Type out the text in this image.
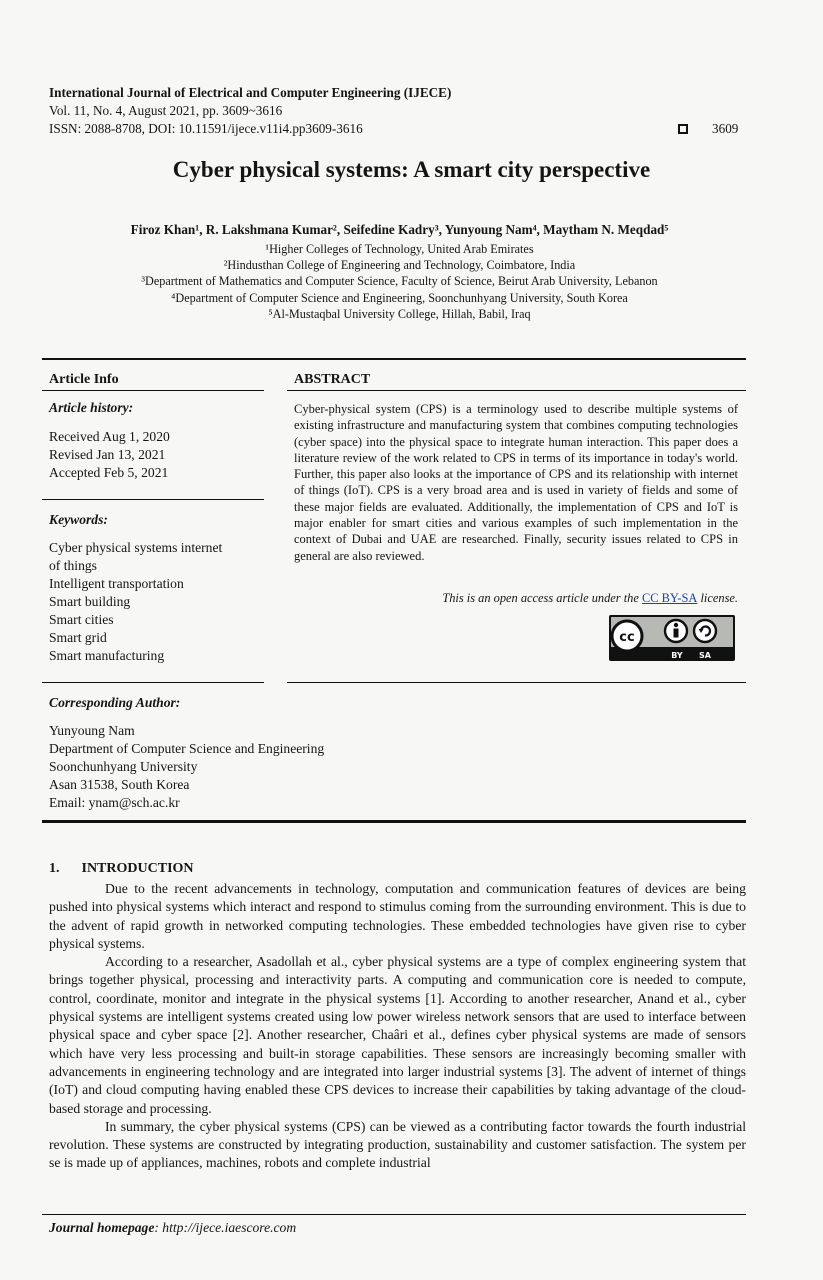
International Journal of Electrical and Computer Engineering (IJECE)
Vol. 11, No. 4, August 2021, pp. 3609~3616
ISSN: 2088-8708, DOI: 10.11591/ijece.v11i4.pp3609-3616	3609
Cyber physical systems: A smart city perspective
Firoz Khan¹, R. Lakshmana Kumar², Seifedine Kadry³, Yunyoung Nam⁴, Maytham N. Meqdad⁵
¹Higher Colleges of Technology, United Arab Emirates
²Hindusthan College of Engineering and Technology, Coimbatore, India
³Department of Mathematics and Computer Science, Faculty of Science, Beirut Arab University, Lebanon
⁴Department of Computer Science and Engineering, Soonchunhyang University, South Korea
⁵Al-Mustaqbal University College, Hillah, Babil, Iraq
Article Info
Article history:
Received Aug 1, 2020
Revised Jan 13, 2021
Accepted Feb 5, 2021
Keywords:
Cyber physical systems internet
of things
Intelligent transportation
Smart building
Smart cities
Smart grid
Smart manufacturing
ABSTRACT
Cyber-physical system (CPS) is a terminology used to describe multiple systems of existing infrastructure and manufacturing system that combines computing technologies (cyber space) into the physical space to integrate human interaction. This paper does a literature review of the work related to CPS in terms of its importance in today's world. Further, this paper also looks at the importance of CPS and its relationship with internet of things (IoT). CPS is a very broad area and is used in variety of fields and some of these major fields are evaluated. Additionally, the implementation of CPS and IoT is major enabler for smart cities and various examples of such implementation in the context of Dubai and UAE are researched. Finally, security issues related to CPS in general are also reviewed.
This is an open access article under the CC BY-SA license.
cc
BY SA
Corresponding Author:
Yunyoung Nam
Department of Computer Science and Engineering
Soonchunhyang University
Asan 31538, South Korea
Email: ynam@sch.ac.kr
1. INTRODUCTION

Due to the recent advancements in technology, computation and communication features of devices are being pushed into physical systems which interact and respond to stimulus coming from the surrounding environment. This is due to the advent of rapid growth in networked computing technologies. These embedded technologies have given rise to cyber physical systems.

According to a researcher, Asadollah et al., cyber physical systems are a type of complex engineering system that brings together physical, processing and interactivity parts. A computing and communication core is needed to compute, control, coordinate, monitor and integrate in the physical systems [1]. According to another researcher, Anand et al., cyber physical systems are intelligent systems created using low power wireless network sensors that are used to interface between physical space and cyber space [2]. Another researcher, Chaâri et al., defines cyber physical systems are made of sensors which have very less processing and built-in storage capabilities. These sensors are increasingly becoming smaller with advancements in engineering technology and are integrated into larger industrial systems [3]. The advent of internet of things (IoT) and cloud computing having enabled these CPS devices to increase their capabilities by taking advantage of the cloud-based storage and processing.

In summary, the cyber physical systems (CPS) can be viewed as a contributing factor towards the fourth industrial revolution. These systems are constructed by integrating production, sustainability and customer satisfaction. The system per se is made up of appliances, machines, robots and complete industrial

Journal homepage: http://ijece.iaescore.com
